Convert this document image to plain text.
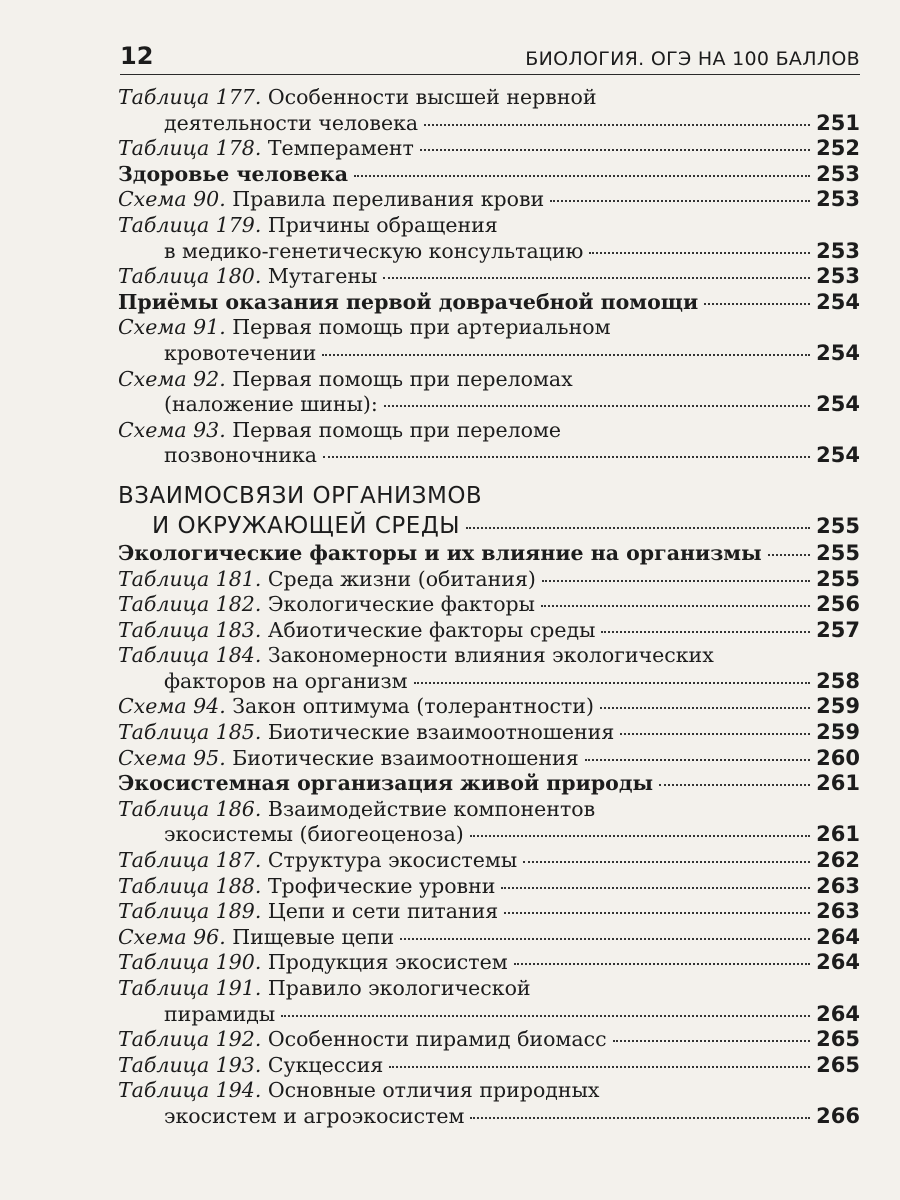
12	БИОЛОГИЯ. ОГЭ НА 100 БАЛЛОВ
Таблица 177. Особенности высшей нервной
деятельности человека	251
Таблица 178. Темперамент	252
Здоровье человека	253
Схема 90. Правила переливания крови	253
Таблица 179. Причины обращения
в медико-генетическую консультацию	253
Таблица 180. Мутагены	253
Приёмы оказания первой доврачебной помощи	254
Схема 91. Первая помощь при артериальном
кровотечении	254
Схема 92. Первая помощь при переломах
(наложение шины):	254
Схема 93. Первая помощь при переломе
позвоночника	254
ВЗАИМОСВЯЗИ ОРГАНИЗМОВ
И ОКРУЖАЮЩЕЙ СРЕДЫ	255
Экологические факторы и их влияние на организмы	255
Таблица 181. Среда жизни (обитания)	255
Таблица 182. Экологические факторы	256
Таблица 183. Абиотические факторы среды	257
Таблица 184. Закономерности влияния экологических
факторов на организм	258
Схема 94. Закон оптимума (толерантности)	259
Таблица 185. Биотические взаимоотношения	259
Схема 95. Биотические взаимоотношения	260
Экосистемная организация живой природы	261
Таблица 186. Взаимодействие компонентов
экосистемы (биогеоценоза)	261
Таблица 187. Структура экосистемы	262
Таблица 188. Трофические уровни	263
Таблица 189. Цепи и сети питания	263
Схема 96. Пищевые цепи	264
Таблица 190. Продукция экосистем	264
Таблица 191. Правило экологической
пирамиды	264
Таблица 192. Особенности пирамид биомасс	265
Таблица 193. Сукцессия	265
Таблица 194. Основные отличия природных
экосистем и агроэкосистем	266
